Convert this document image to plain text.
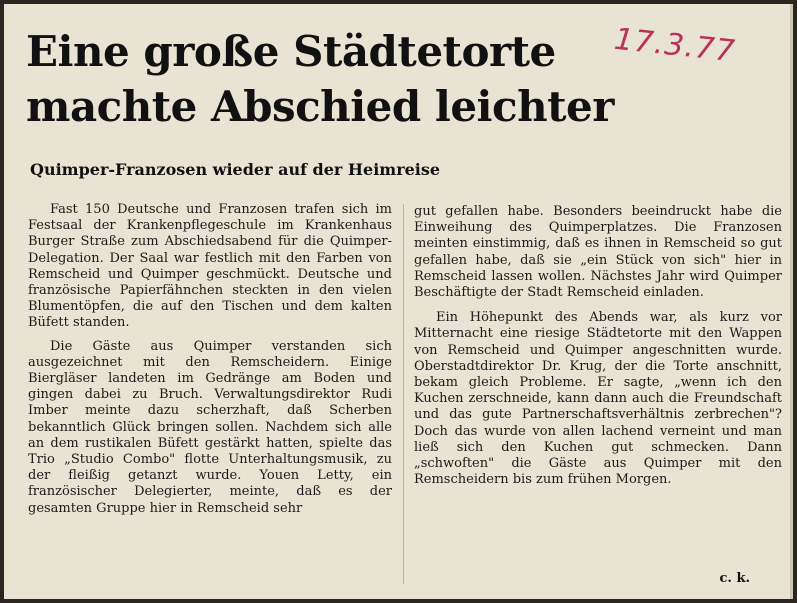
Eine große Städtetorte
machte Abschied leichter
17.3.77
Quimper-Franzosen wieder auf der Heimreise

Fast 150 Deutsche und Franzosen trafen sich im Festsaal der Krankenpflegeschule im Krankenhaus Burger Straße zum Abschiedsabend für die Quimper-Delegation. Der Saal war festlich mit den Farben von Remscheid und Quimper geschmückt. Deutsche und französische Papierfähnchen steckten in den vielen Blumentöpfen, die auf den Tischen und dem kalten Büfett standen.

Die Gäste aus Quimper verstanden sich ausgezeichnet mit den Remscheidern. Einige Biergläser landeten im Gedränge am Boden und gingen dabei zu Bruch. Verwaltungsdirektor Rudi Imber meinte dazu scherzhaft, daß Scherben bekanntlich Glück bringen sollen. Nachdem sich alle an dem rustikalen Büfett gestärkt hatten, spielte das Trio „Studio Combo" flotte Unterhaltungsmusik, zu der fleißig getanzt wurde. Youen Letty, ein französischer Delegierter, meinte, daß es der gesamten Gruppe hier in Remscheid sehr

gut gefallen habe. Besonders beeindruckt habe die Einweihung des Quimperplatzes. Die Franzosen meinten einstimmig, daß es ihnen in Remscheid so gut gefallen habe, daß sie „ein Stück von sich" hier in Remscheid lassen wollen. Nächstes Jahr wird Quimper Beschäftigte der Stadt Remscheid einladen.

Ein Höhepunkt des Abends war, als kurz vor Mitternacht eine riesige Städtetorte mit den Wappen von Remscheid und Quimper angeschnitten wurde. Oberstadtdirektor Dr. Krug, der die Torte anschnitt, bekam gleich Probleme. Er sagte, „wenn ich den Kuchen zerschneide, kann dann auch die Freundschaft und das gute Partnerschaftsverhältnis zerbrechen"? Doch das wurde von allen lachend verneint und man ließ sich den Kuchen gut schmecken. Dann „schwoften" die Gäste aus Quimper mit den Remscheidern bis zum frühen Morgen.

c. k.
